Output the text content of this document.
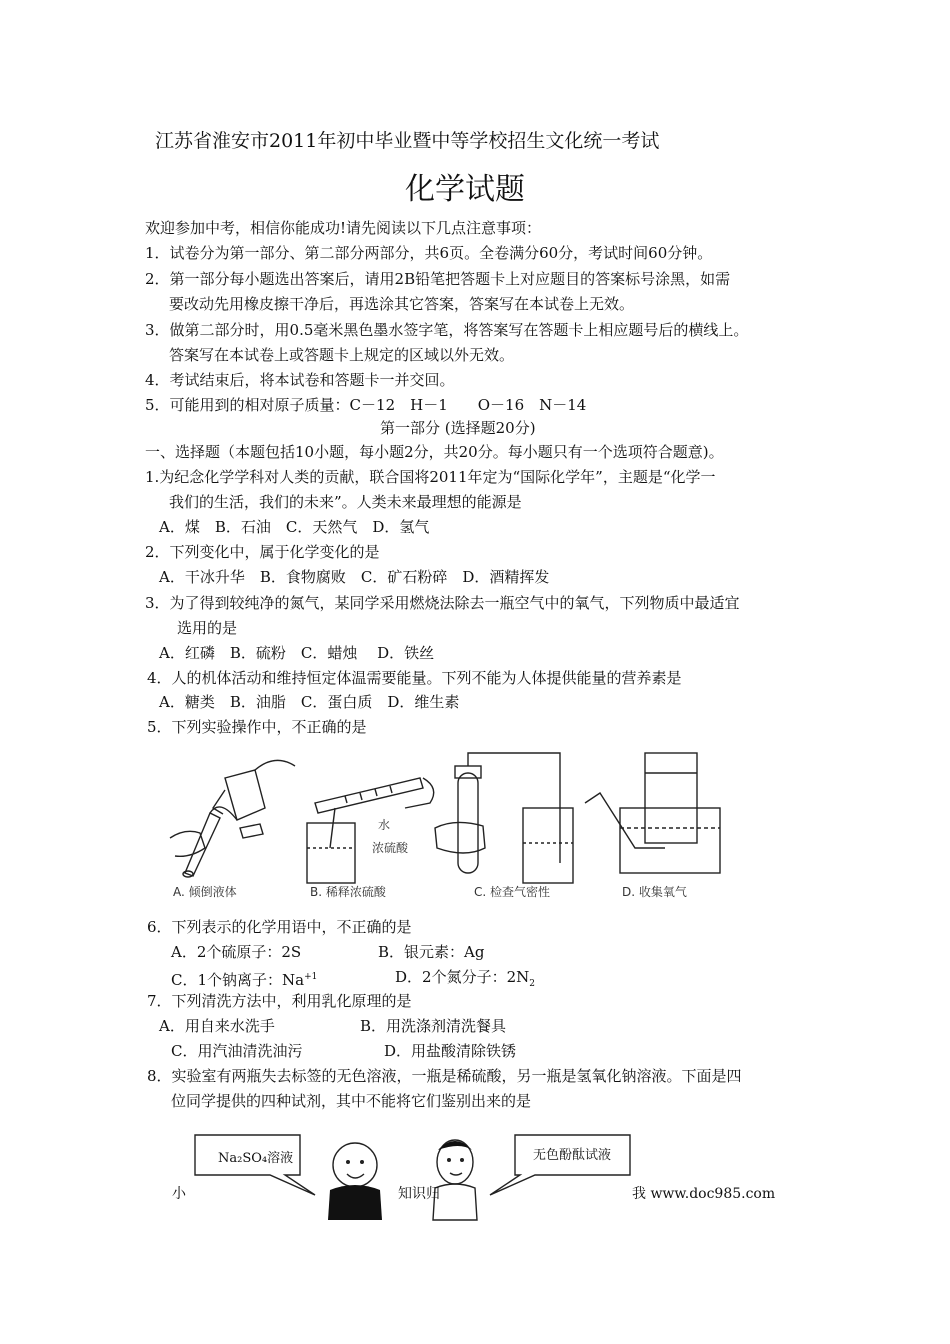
江苏省淮安市2011年初中毕业暨中等学校招生文化统一考试
化学试题
欢迎参加中考，相信你能成功!请先阅读以下几点注意事项：
1．试卷分为第一部分、第二部分两部分，共6页。全卷满分60分，考试时间60分钟。
2．第一部分每小题选出答案后，请用2B铅笔把答题卡上对应题目的答案标号涂黑，如需
要改动先用橡皮擦干净后，再选涂其它答案，答案写在本试卷上无效。
3．做第二部分时，用0.5毫米黑色墨水签字笔，将答案写在答题卡上相应题号后的横线上。
答案写在本试卷上或答题卡上规定的区域以外无效。
4．考试结束后，将本试卷和答题卡一并交回。
5．可能用到的相对原子质量：C－12　H－1　　O－16　N－14
第一部分 (选择题20分)
一、选择题（本题包括10小题，每小题2分，共20分。每小题只有一个选项符合题意)。
1.为纪念化学学科对人类的贡献，联合国将2011年定为“国际化学年”，主题是“化学一
我们的生活，我们的未来”。人类未来最理想的能源是
A．煤　B．石油　C．天然气　D．氢气
2．下列变化中，属于化学变化的是
A．干冰升华　B．食物腐败　C．矿石粉碎　D．酒精挥发
3．为了得到较纯净的氮气，某同学采用燃烧法除去一瓶空气中的氧气，下列物质中最适宜
选用的是
A．红磷　B．硫粉　C．蜡烛　 D．铁丝
4．人的机体活动和维持恒定体温需要能量。下列不能为人体提供能量的营养素是
A．糖类　B．油脂　C．蛋白质　D．维生素
5．下列实验操作中，不正确的是
A. 倾倒液体	B. 稀释浓硫酸	C. 检查气密性	D. 收集氧气
水
浓硫酸
6．下列表示的化学用语中，不正确的是
A．2个硫原子：2S	B．银元素：Ag
C．1个钠离子：$Na^{+1}$	D．2个氮分子：$2N_2$
7．下列清洗方法中，利用乳化原理的是
A．用自来水洗手	B．用洗涤剂清洗餐具
C．用汽油清洗油污	D．用盐酸清除铁锈
8．实验室有两瓶失去标签的无色溶液，一瓶是稀硫酸，另一瓶是氢氧化钠溶液。下面是四
位同学提供的四种试剂，其中不能将它们鉴别出来的是
Na₂SO₄溶液	无色酚酞试液
小	知识归	我 www.doc985.com
